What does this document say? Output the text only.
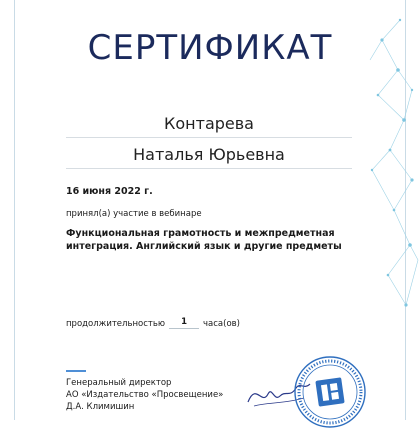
СЕРТИФИКАТ
Контарева
Наталья Юрьевна
16 июня 2022 г.
принял(а) участие в вебинаре
Функциональная грамотность и межпредметная
интеграция. Английский язык и другие предметы
продолжительностью	1	часа(ов)
Генеральный директор
АО «Издательство «Просвещение»
Д.А. Климишин
